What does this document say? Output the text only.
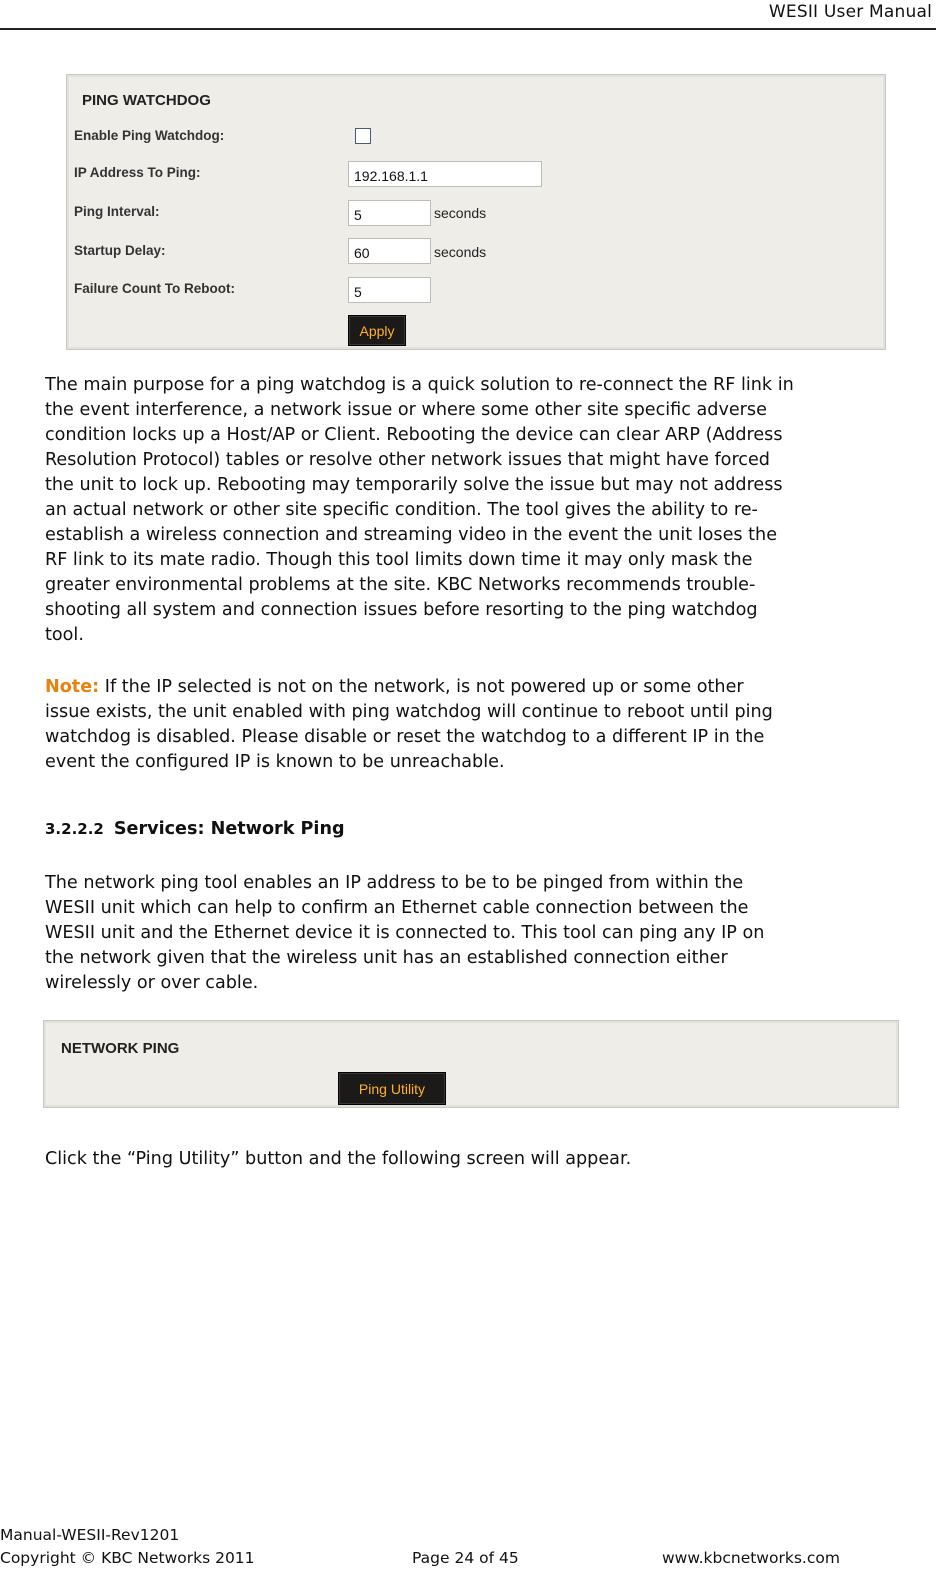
WESII User Manual
PING WATCHDOG
Enable Ping Watchdog:
IP Address To Ping:	192.168.1.1
Ping Interval:	5	seconds
Startup Delay:	60	seconds
Failure Count To Reboot:	5
Apply
The main purpose for a ping watchdog is a quick solution to re-connect the RF link in
the event interference, a network issue or where some other site specific adverse
condition locks up a Host/AP or Client. Rebooting the device can clear ARP (Address
Resolution Protocol) tables or resolve other network issues that might have forced
the unit to lock up. Rebooting may temporarily solve the issue but may not address
an actual network or other site specific condition. The tool gives the ability to re-
establish a wireless connection and streaming video in the event the unit loses the
RF link to its mate radio. Though this tool limits down time it may only mask the
greater environmental problems at the site. KBC Networks recommends trouble-
shooting all system and connection issues before resorting to the ping watchdog
tool.
Note: If the IP selected is not on the network, is not powered up or some other
issue exists, the unit enabled with ping watchdog will continue to reboot until ping
watchdog is disabled. Please disable or reset the watchdog to a different IP in the
event the configured IP is known to be unreachable.
3.2.2.2 Services: Network Ping
The network ping tool enables an IP address to be to be pinged from within the
WESII unit which can help to confirm an Ethernet cable connection between the
WESII unit and the Ethernet device it is connected to. This tool can ping any IP on
the network given that the wireless unit has an established connection either
wirelessly or over cable.
NETWORK PING
Ping Utility
Click the “Ping Utility” button and the following screen will appear.
Manual-WESII-Rev1201
Copyright © KBC Networks 2011	Page 24 of 45	www.kbcnetworks.com
